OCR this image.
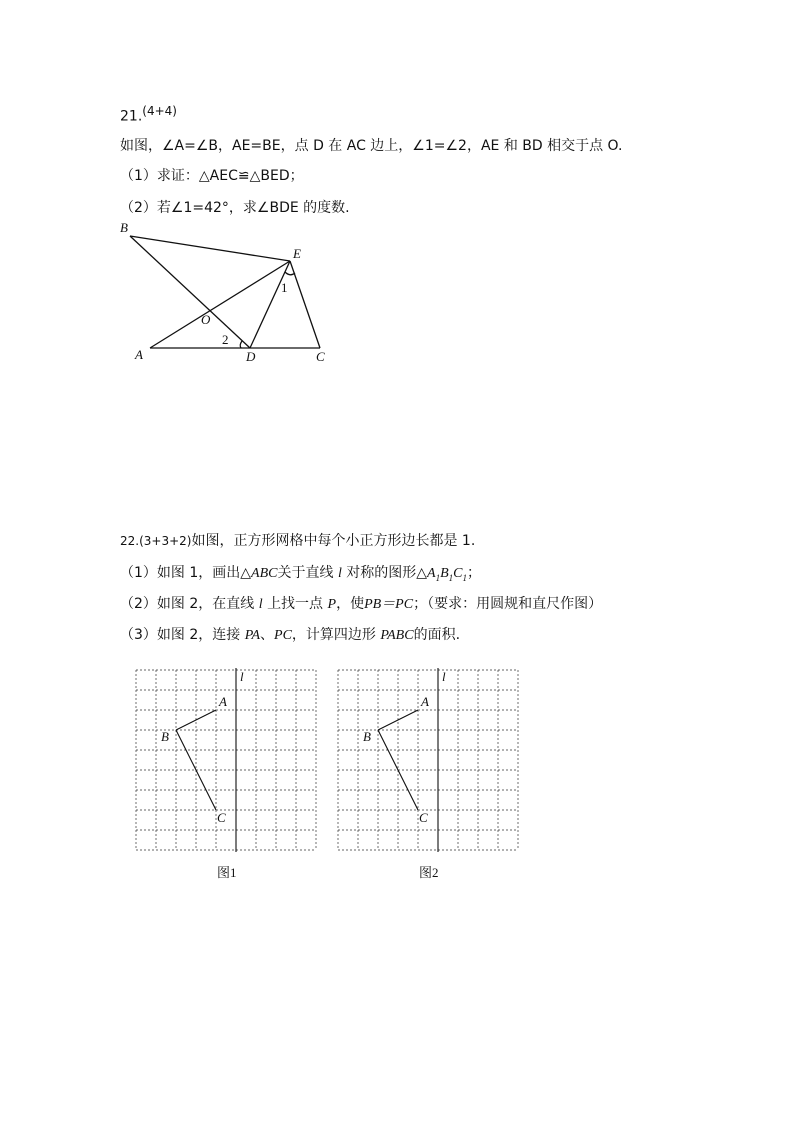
21.$^{(4+4)}$
如图，∠A=∠B，AE=BE，点 D 在 AC 边上，∠1=∠2，AE 和 BD 相交于点 O.
（1）求证：△AEC≌△BED；
（2）若∠1=42°，求∠BDE 的度数.
B
E
O
A	D	C
1
2
22.(3+3+2)如图，正方形网格中每个小正方形边长都是 1.
（1）如图 1，画出△ABC关于直线 l 对称的图形$\triangle A_1B_1C_1$；
（2）如图 2，在直线 l 上找一点 P，使PB＝PC；（要求：用圆规和直尺作图）
（3）如图 2，连接 PA、PC，计算四边形 PABC的面积.
l
A
B
C
图1
l
A
B
C
图2
